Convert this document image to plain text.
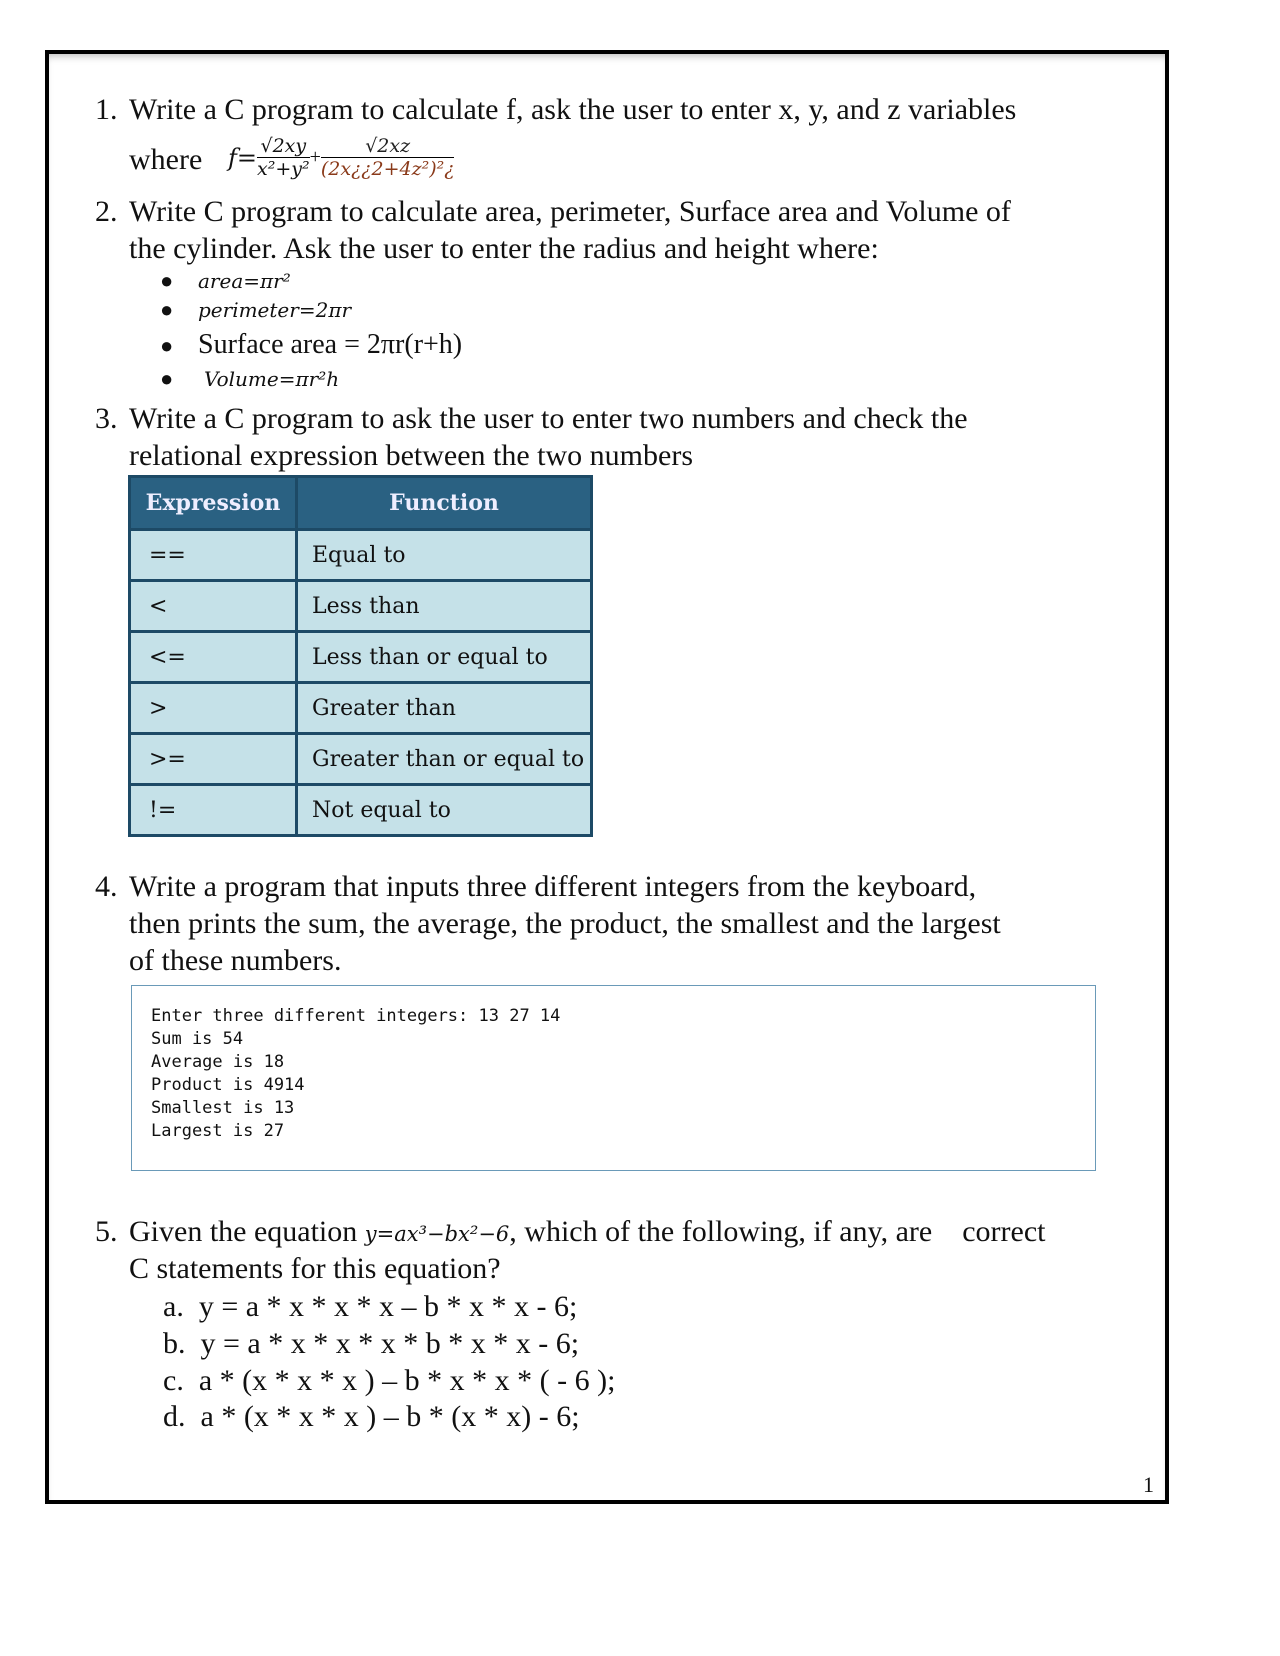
1. Write a C program to calculate f, ask the user to enter x, y, and z variables
where $f= \frac{√2xy}{\text{x²+y²}} + \frac{√2xz}{\text{(2x¿¿2+4z²)²¿}}$
2. Write C program to calculate area, perimeter, Surface area and Volume of
the cylinder. Ask the user to enter the radius and height where:
● area=πr²
● perimeter=2πr
● Surface area = 2πr(r+h)
● Volume=πr²h
3. Write a C program to ask the user to enter two numbers and check the
relational expression between the two numbers
Expression	Function
==	Equal to
<	Less than
<=	Less than or equal to
>	Greater than
>=	Greater than or equal to
!=	Not equal to
4. Write a program that inputs three different integers from the keyboard,
then prints the sum, the average, the product, the smallest and the largest
of these numbers.
Enter three different integers: 13 27 14
Sum is 54
Average is 18
Product is 4914
Smallest is 13
Largest is 27
5. Given the equation y=ax³−bx²−6, which of the following, if any, are    correct
C statements for this equation?
a.  y = a * x * x * x – b * x * x - 6;
b.  y = a * x * x * x * b * x * x - 6;
c.  a * (x * x * x ) – b * x * x * ( - 6 );
d.  a * (x * x * x ) – b * (x * x) - 6;
1
